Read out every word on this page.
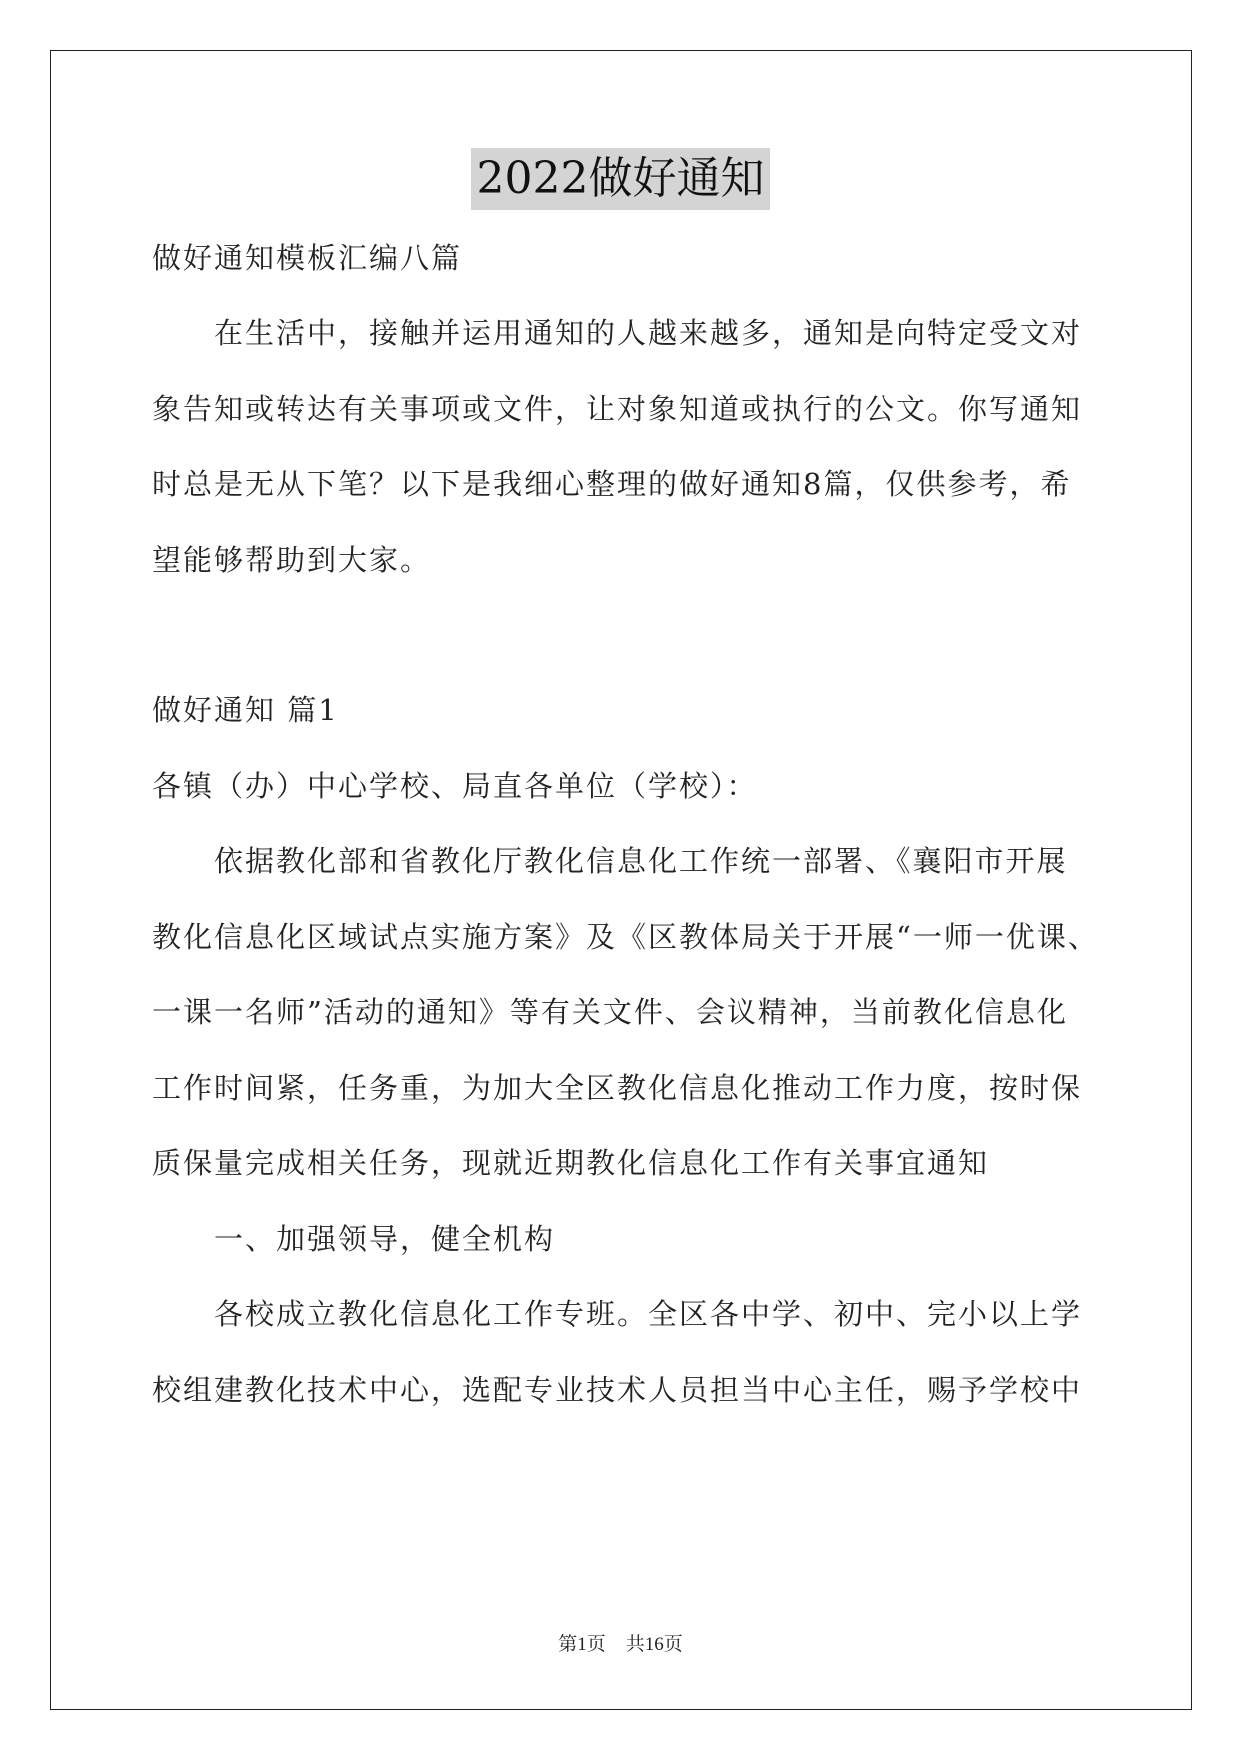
2022做好通知
做好通知模板汇编八篇
在生活中，接触并运用通知的人越来越多，通知是向特定受文对
象告知或转达有关事项或文件，让对象知道或执行的公文。你写通知
时总是无从下笔？以下是我细心整理的做好通知8篇，仅供参考，希
望能够帮助到大家。
做好通知 篇1
各镇（办）中心学校、局直各单位（学校）：
依据教化部和省教化厅教化信息化工作统一部署、《襄阳市开展
教化信息化区域试点实施方案》及《区教体局关于开展“一师一优课、
一课一名师”活动的通知》等有关文件、会议精神，当前教化信息化
工作时间紧，任务重，为加大全区教化信息化推动工作力度，按时保
质保量完成相关任务，现就近期教化信息化工作有关事宜通知
一、加强领导，健全机构
各校成立教化信息化工作专班。全区各中学、初中、完小以上学
校组建教化技术中心，选配专业技术人员担当中心主任，赐予学校中
第1页 共16页
